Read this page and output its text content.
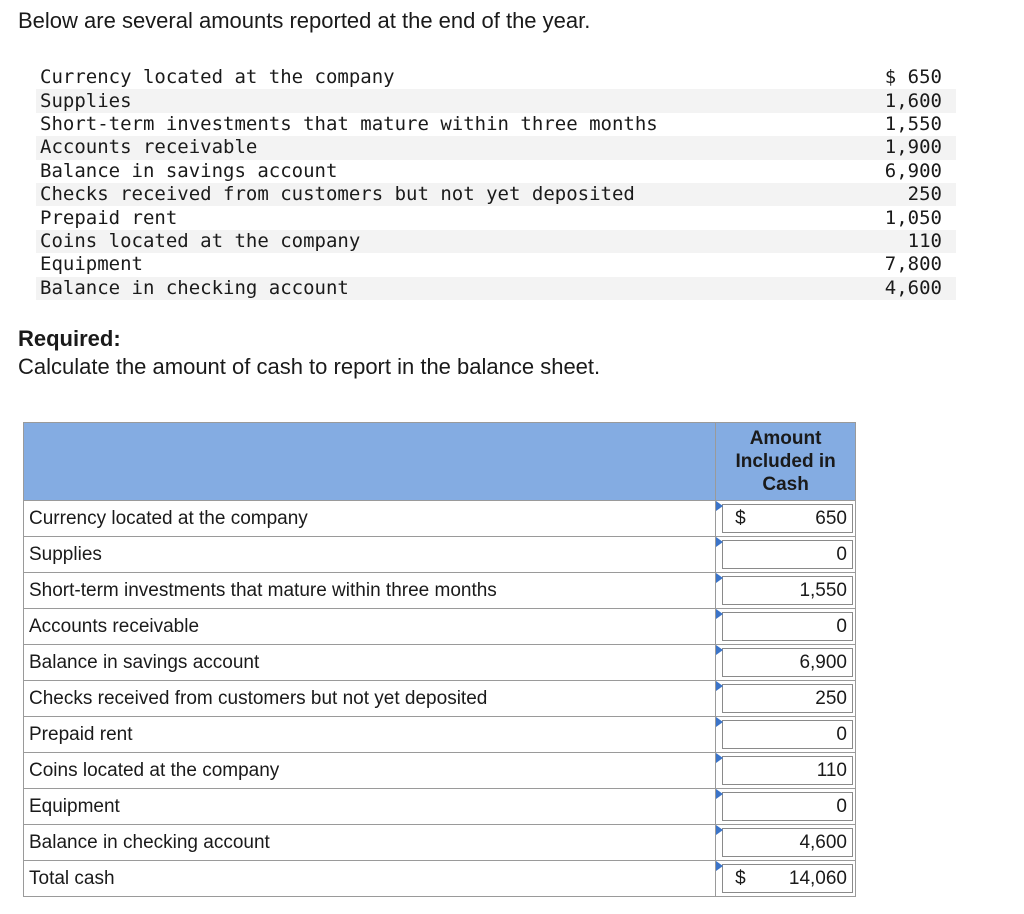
Below are several amounts reported at the end of the year.

Currency located at the company	$ 650
Supplies	1,600
Short-term investments that mature within three months	1,550
Accounts receivable	1,900
Balance in savings account	6,900
Checks received from customers but not yet deposited	250
Prepaid rent	1,050
Coins located at the company	110
Equipment	7,800
Balance in checking account	4,600

Required:

Calculate the amount of cash to report in the balance sheet.

	Amount Included in Cash
Currency located at the company	$ 650

Supplies	0

Short-term investments that mature within three months	1,550

Accounts receivable	0

Balance in savings account	6,900

Checks received from customers but not yet deposited	250

Prepaid rent	0

Coins located at the company	110

Equipment	0

Balance in checking account	4,600

Total cash	$ 14,060
